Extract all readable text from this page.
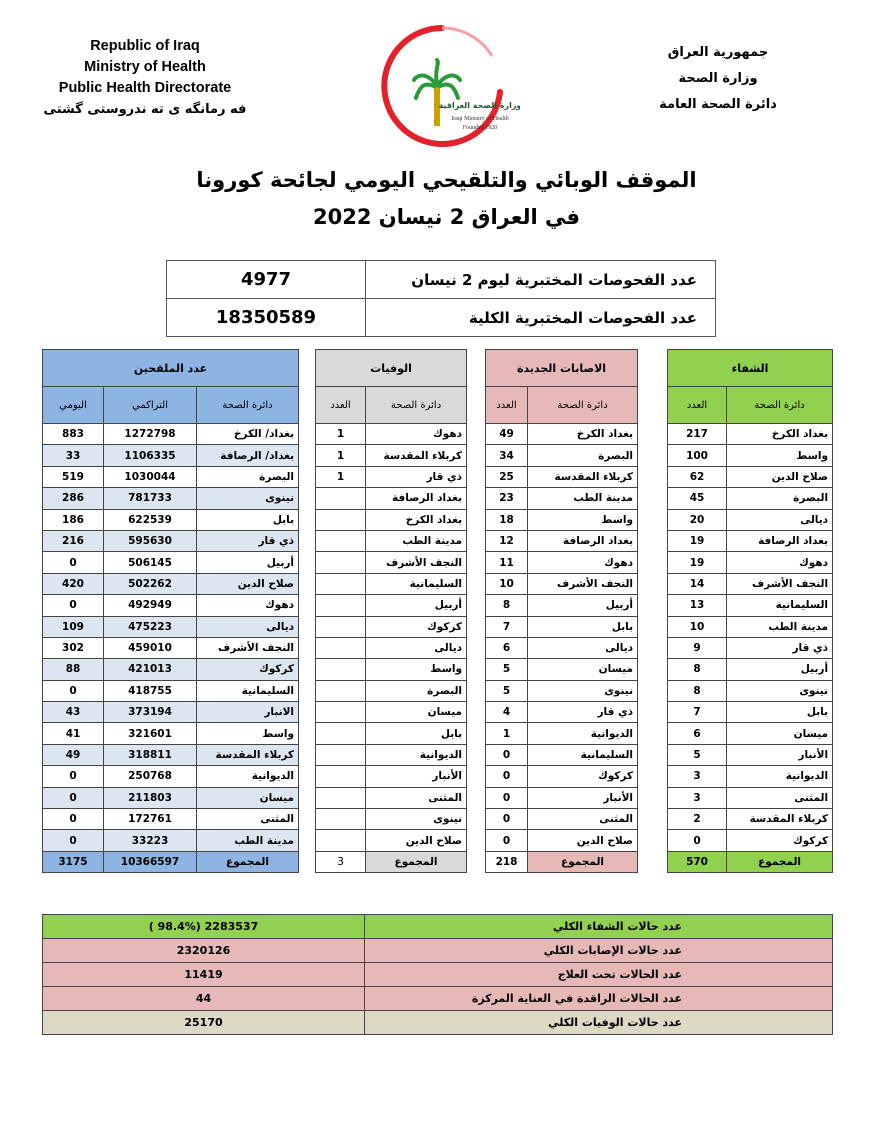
Republic of Iraq
Ministry of Health
Public Health Directorate
فه رمانگه ی ته ندروستی گشتی	وزارة الصحة العراقية
Iraqi Ministry of Health
Founded 1920
جمهورية العراق
وزارة الصحة
دائرة الصحة العامة
الموقف الوبائي والتلقيحي اليومي لجائحة كورونا
في العراق 2 نيسان 2022
4977	عدد الفحوصات المختبرية ليوم 2 نيسان
18350589	عدد الفحوصات المختبرية الكلية
عدد الملقحين				الوفيات			الاصابات الجديدة			الشفاء	
اليومي	التراكمي	دائرة الصحة		العدد	دائرة الصحة		العدد	دائرة الصحة		العدد	دائرة الصحة
883	1272798	بغداد/ الكرخ		1	دهوك		49	بغداد الكرخ		217	بغداد الكرخ
33	1106335	بغداد/ الرصافة		1	كربلاء المقدسة		34	البصرة		100	واسط
519	1030044	البصرة		1	ذي قار		25	كربلاء المقدسة		62	صلاح الدين
286	781733	نينوى			بغداد الرصافة		23	مدينة الطب		45	البصرة
186	622539	بابل			بغداد الكرخ		18	واسط		20	ديالى
216	595630	ذي قار			مدينة الطب		12	بغداد الرصافة		19	بغداد الرصافة
0	506145	أربيل			النجف الأشرف		11	دهوك		19	دهوك
420	502262	صلاح الدين			السليمانية		10	النجف الأشرف		14	النجف الأشرف
0	492949	دهوك			أربيل		8	أربيل		13	السليمانية
109	475223	ديالى			كركوك		7	بابل		10	مدينة الطب
302	459010	النجف الأشرف			ديالى		6	ديالى		9	ذي قار
88	421013	كركوك			واسط		5	ميسان		8	أربيل
0	418755	السليمانية			البصرة		5	نينوى		8	نينوى
43	373194	الانبار			ميسان		4	ذي قار		7	بابل
41	321601	واسط			بابل		1	الديوانية		6	ميسان
49	318811	كربلاء المقدسة			الديوانية		0	السليمانية		5	الأنبار
0	250768	الديوانية			الأنبار		0	كركوك		3	الديوانية
0	211803	ميسان			المثنى		0	الأنبار		3	المثنى
0	172761	المثنى			نينوى		0	المثنى		2	كربلاء المقدسة
0	33223	مدينة الطب			صلاح الدين		0	صلاح الدين		0	كركوك
3175	10366597	المجموع		3	المجموع		218	المجموع		570	المجموع
( 98.4%) 2283537	عدد حالات الشفاء الكلي
2320126	عدد حالات الإصابات الكلي
11419	عدد الحالات تحت العلاج
44	عدد الحالات الراقدة في العناية المركزة
25170	عدد حالات الوفيات الكلي
